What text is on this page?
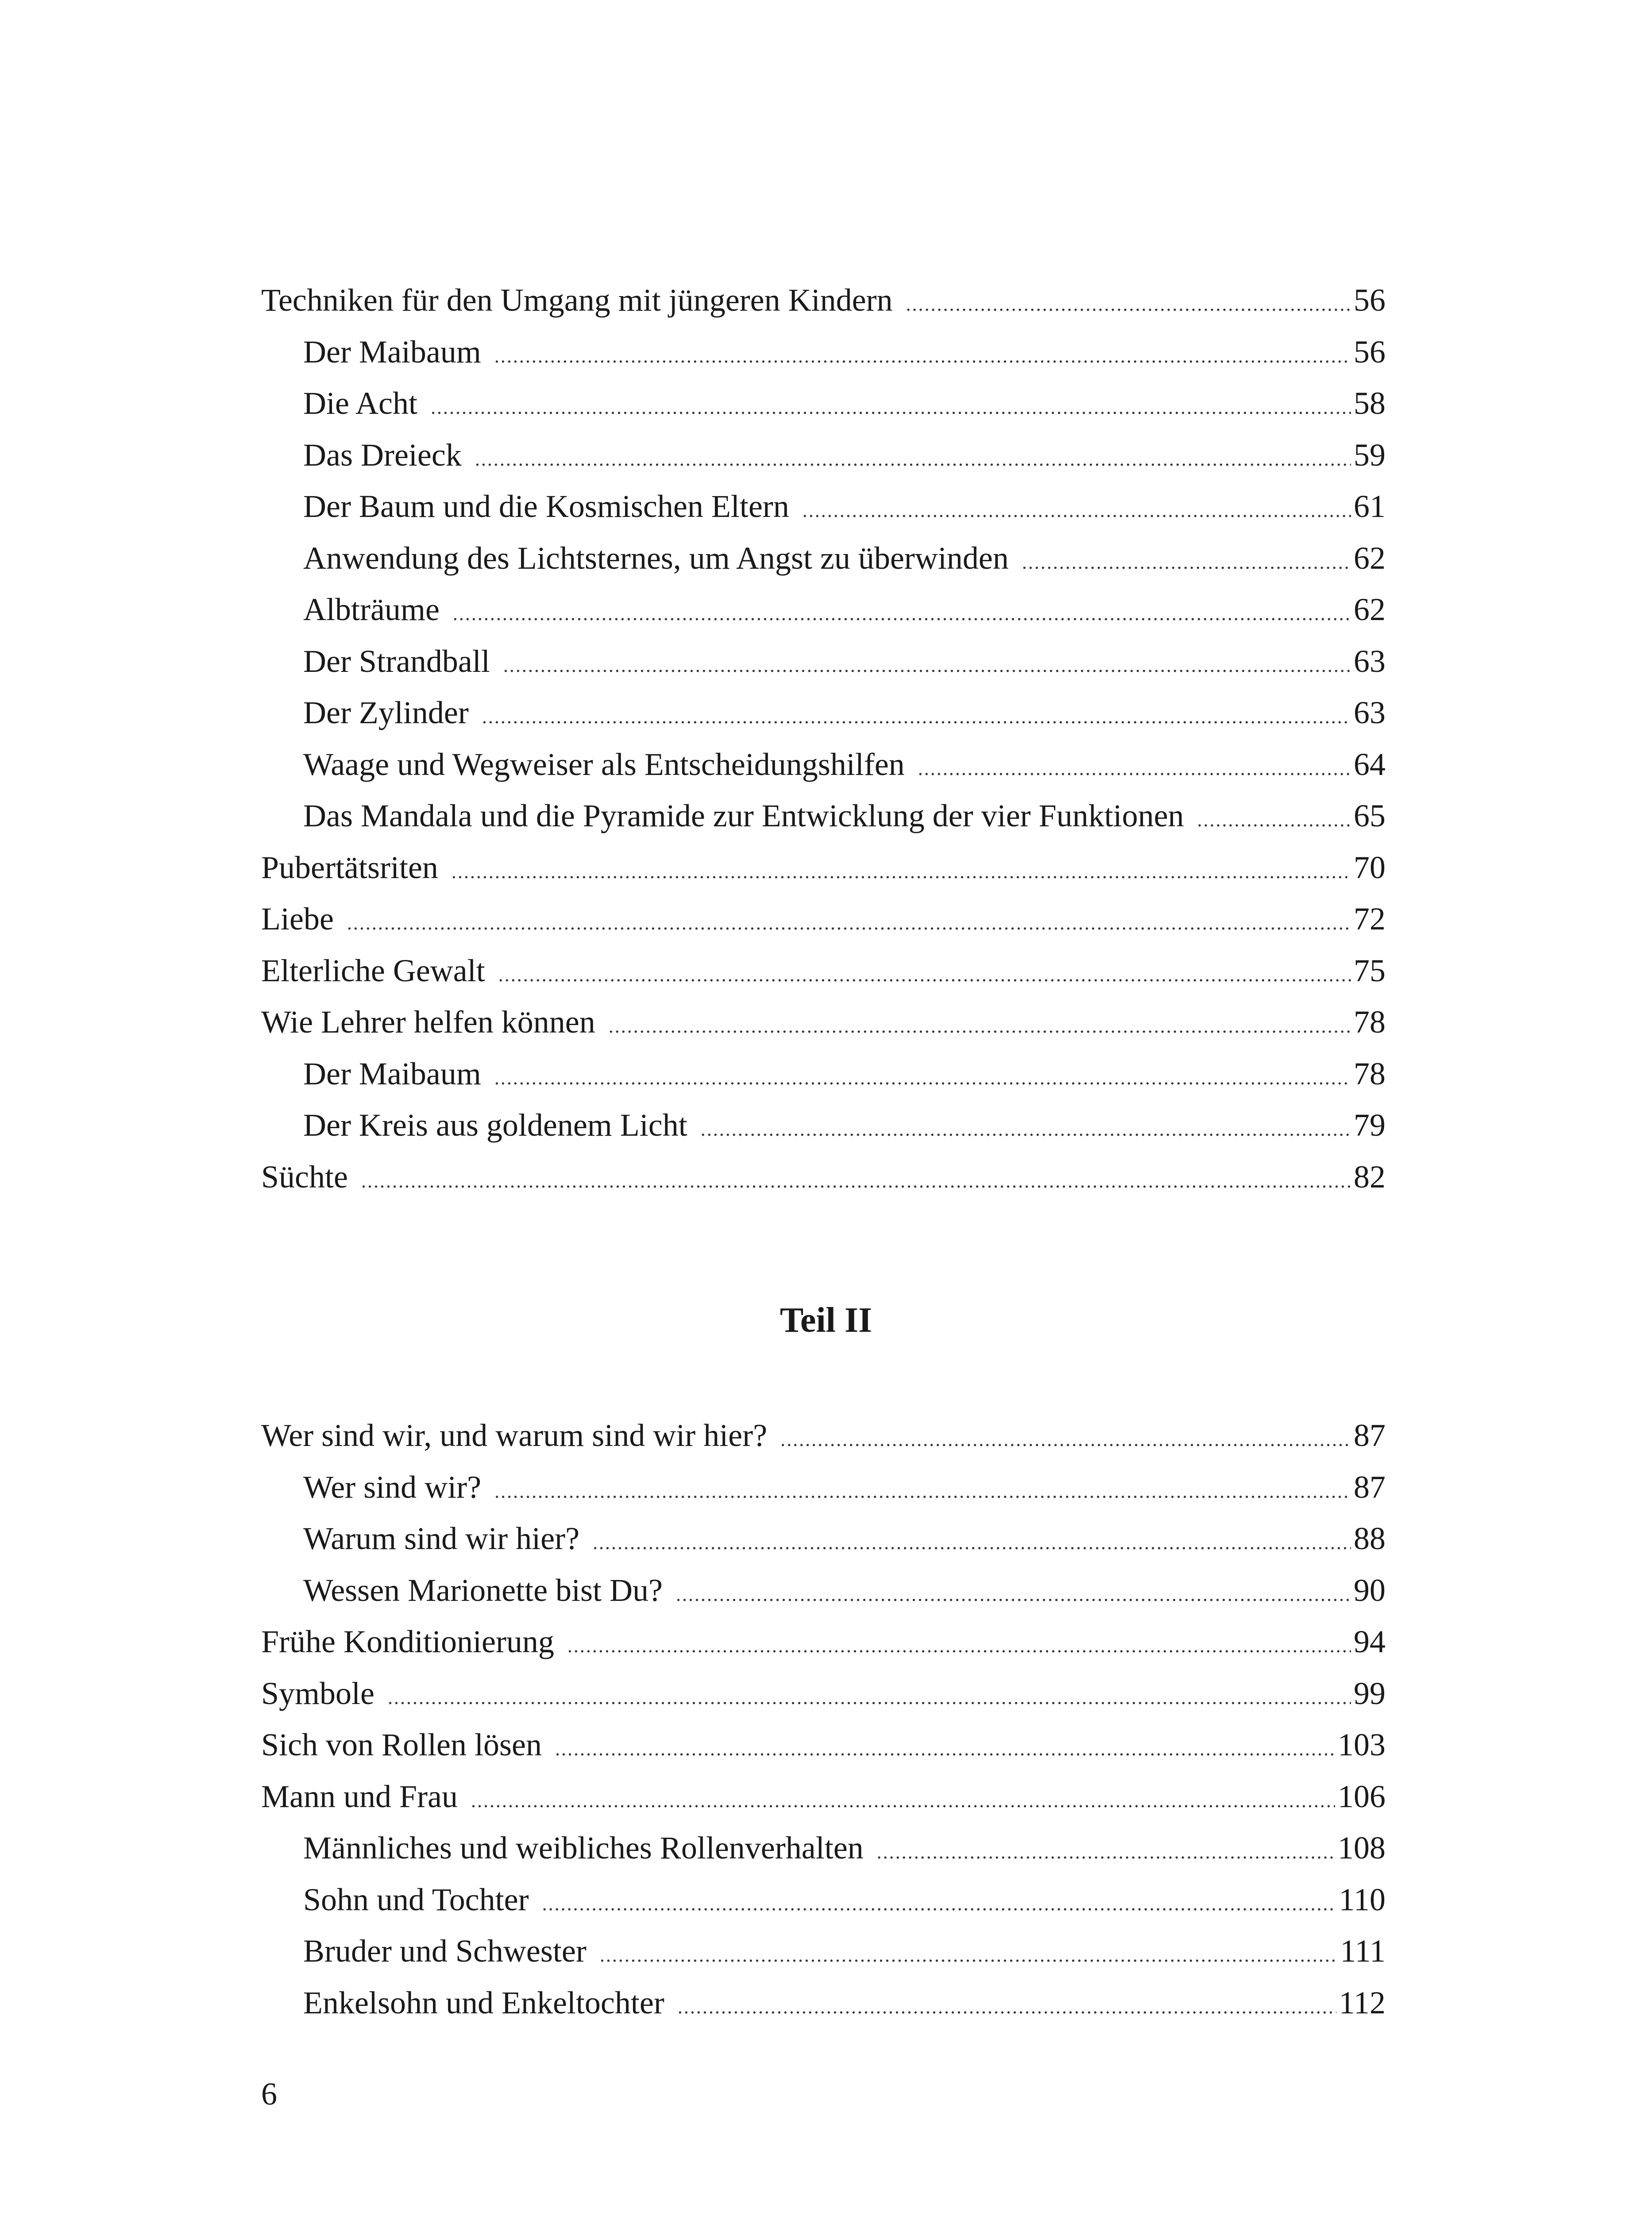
Techniken für den Umgang mit jüngeren Kindern .....	56
Der Maibaum .....	56
Die Acht .....	58
Das Dreieck .....	59
Der Baum und die Kosmischen Eltern .....	61
Anwendung des Lichtsternes, um Angst zu überwinden .....	62
Albträume .....	62
Der Strandball .....	63
Der Zylinder .....	63
Waage und Wegweiser als Entscheidungshilfen .....	64
Das Mandala und die Pyramide zur Entwicklung der vier Funktionen .....	65
Pubertätsriten .....	70
Liebe .....	72
Elterliche Gewalt .....	75
Wie Lehrer helfen können .....	78
Der Maibaum .....	78
Der Kreis aus goldenem Licht .....	79
Süchte .....	82
Teil II
Wer sind wir, und warum sind wir hier? .....	87
Wer sind wir? .....	87
Warum sind wir hier? .....	88
Wessen Marionette bist Du? .....	90
Frühe Konditionierung .....	94
Symbole .....	99
Sich von Rollen lösen .....	103
Mann und Frau .....	106
Männliches und weibliches Rollenverhalten .....	108
Sohn und Tochter .....	110
Bruder und Schwester .....	111
Enkelsohn und Enkeltochter .....	112
6
